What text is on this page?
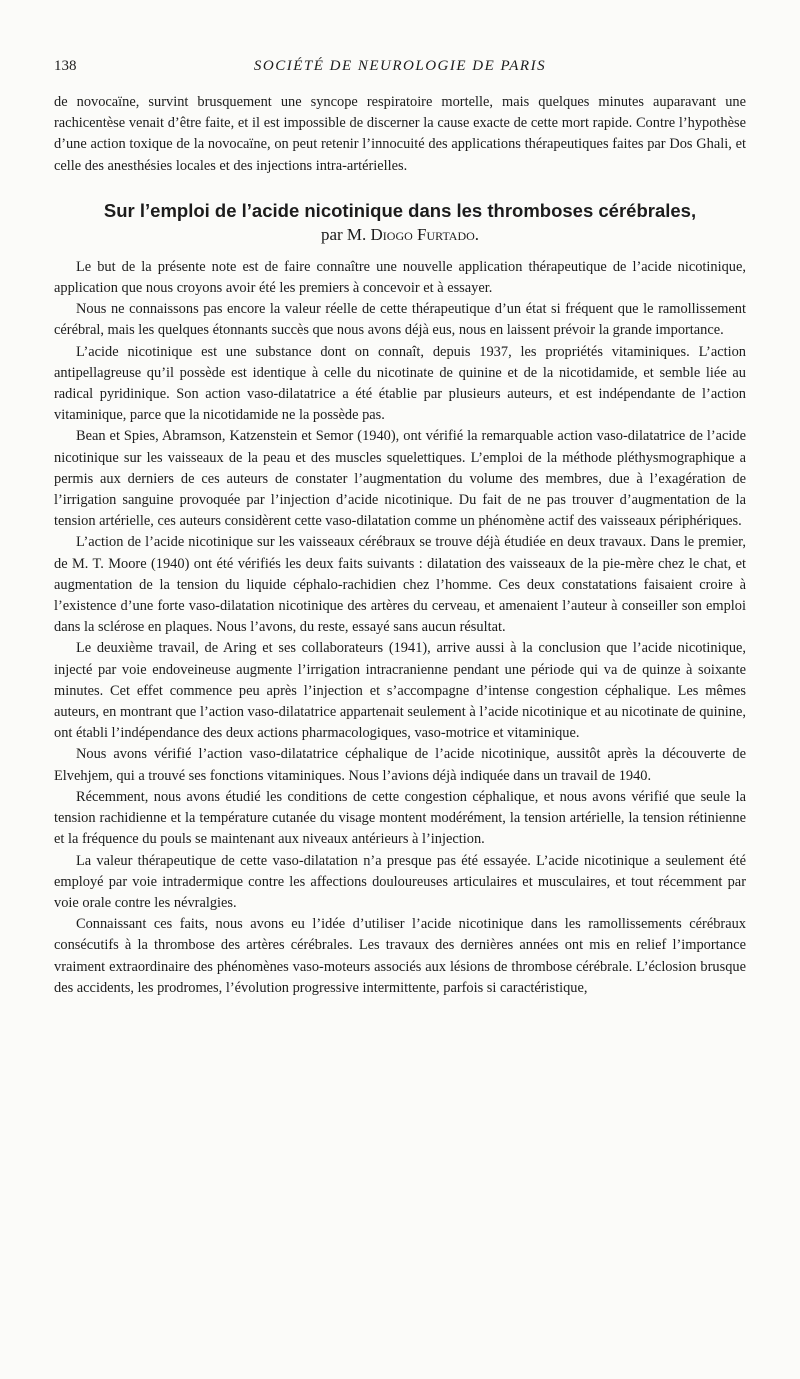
138	SOCIÉTÉ DE NEUROLOGIE DE PARIS

de novocaïne, survint brusquement une syncope respiratoire mortelle, mais quelques minutes auparavant une rachicentèse venait d’être faite, et il est impossible de discerner la cause exacte de cette mort rapide. Contre l’hypothèse d’une action toxique de la novocaïne, on peut retenir l’innocuité des applications thérapeutiques faites par Dos Ghali, et celle des anesthésies locales et des injections intra-artérielles.

Sur l’emploi de l’acide nicotinique dans les thromboses cérébrales,
par M. Diogo Furtado.

Le but de la présente note est de faire connaître une nouvelle application thérapeutique de l’acide nicotinique, application que nous croyons avoir été les premiers à concevoir et à essayer.

Nous ne connaissons pas encore la valeur réelle de cette thérapeutique d’un état si fréquent que le ramollissement cérébral, mais les quelques étonnants succès que nous avons déjà eus, nous en laissent prévoir la grande importance.

L’acide nicotinique est une substance dont on connaît, depuis 1937, les propriétés vitaminiques. L’action antipellagreuse qu’il possède est identique à celle du nicotinate de quinine et de la nicotidamide, et semble liée au radical pyridinique. Son action vaso-dilatatrice a été établie par plusieurs auteurs, et est indépendante de l’action vitaminique, parce que la nicotidamide ne la possède pas.

Bean et Spies, Abramson, Katzenstein et Semor (1940), ont vérifié la remarquable action vaso-dilatatrice de l’acide nicotinique sur les vaisseaux de la peau et des muscles squelettiques. L’emploi de la méthode pléthysmographique a permis aux derniers de ces auteurs de constater l’augmentation du volume des membres, due à l’exagération de l’irrigation sanguine provoquée par l’injection d’acide nicotinique. Du fait de ne pas trouver d’augmentation de la tension artérielle, ces auteurs considèrent cette vaso-dilatation comme un phénomène actif des vaisseaux périphériques.

L’action de l’acide nicotinique sur les vaisseaux cérébraux se trouve déjà étudiée en deux travaux. Dans le premier, de M. T. Moore (1940) ont été vérifiés les deux faits suivants : dilatation des vaisseaux de la pie-mère chez le chat, et augmentation de la tension du liquide céphalo-rachidien chez l’homme. Ces deux constatations faisaient croire à l’existence d’une forte vaso-dilatation nicotinique des artères du cerveau, et amenaient l’auteur à conseiller son emploi dans la sclérose en plaques. Nous l’avons, du reste, essayé sans aucun résultat.

Le deuxième travail, de Aring et ses collaborateurs (1941), arrive aussi à la conclusion que l’acide nicotinique, injecté par voie endoveineuse augmente l’irrigation intracranienne pendant une période qui va de quinze à soixante minutes. Cet effet commence peu après l’injection et s’accompagne d’intense congestion céphalique. Les mêmes auteurs, en montrant que l’action vaso-dilatatrice appartenait seulement à l’acide nicotinique et au nicotinate de quinine, ont établi l’indépendance des deux actions pharmacologiques, vaso-motrice et vitaminique.

Nous avons vérifié l’action vaso-dilatatrice céphalique de l’acide nicotinique, aussitôt après la découverte de Elvehjem, qui a trouvé ses fonctions vitaminiques. Nous l’avions déjà indiquée dans un travail de 1940.

Récemment, nous avons étudié les conditions de cette congestion céphalique, et nous avons vérifié que seule la tension rachidienne et la température cutanée du visage montent modérément, la tension artérielle, la tension rétinienne et la fréquence du pouls se maintenant aux niveaux antérieurs à l’injection.

La valeur thérapeutique de cette vaso-dilatation n’a presque pas été essayée. L’acide nicotinique a seulement été employé par voie intradermique contre les affections douloureuses articulaires et musculaires, et tout récemment par voie orale contre les névralgies.

Connaissant ces faits, nous avons eu l’idée d’utiliser l’acide nicotinique dans les ramollissements cérébraux consécutifs à la thrombose des artères cérébrales. Les travaux des dernières années ont mis en relief l’importance vraiment extraordinaire des phénomènes vaso-moteurs associés aux lésions de thrombose cérébrale. L’éclosion brusque des accidents, les prodromes, l’évolution progressive intermittente, parfois si caractéristique,
